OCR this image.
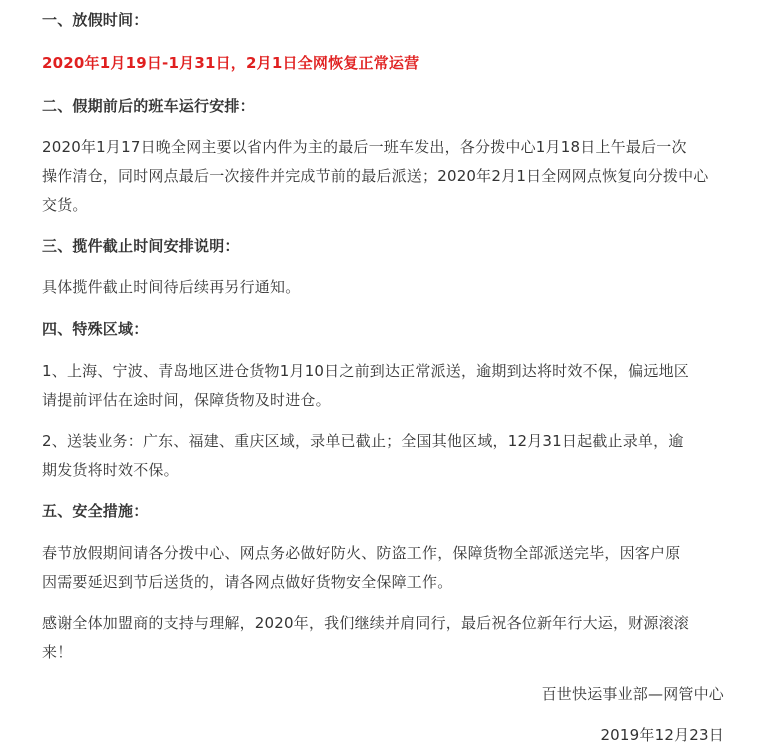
一、放假时间：
2020年1月19日-1月31日，2月1日全网恢复正常运营
二、假期前后的班车运行安排：
2020年1月17日晚全网主要以省内件为主的最后一班车发出，各分拨中心1月18日上午最后一次
操作清仓，同时网点最后一次接件并完成节前的最后派送；2020年2月1日全网网点恢复向分拨中心
交货。
三、揽件截止时间安排说明：
具体揽件截止时间待后续再另行通知。
四、特殊区域：
1、上海、宁波、青岛地区进仓货物1月10日之前到达正常派送，逾期到达将时效不保，偏远地区
请提前评估在途时间，保障货物及时进仓。
2、送装业务：广东、福建、重庆区域，录单已截止；全国其他区域，12月31日起截止录单，逾
期发货将时效不保。
五、安全措施：
春节放假期间请各分拨中心、网点务必做好防火、防盗工作，保障货物全部派送完毕，因客户原
因需要延迟到节后送货的，请各网点做好货物安全保障工作。
感谢全体加盟商的支持与理解，2020年，我们继续并肩同行，最后祝各位新年行大运，财源滚滚
来！
百世快运事业部—网管中心
2019年12月23日
